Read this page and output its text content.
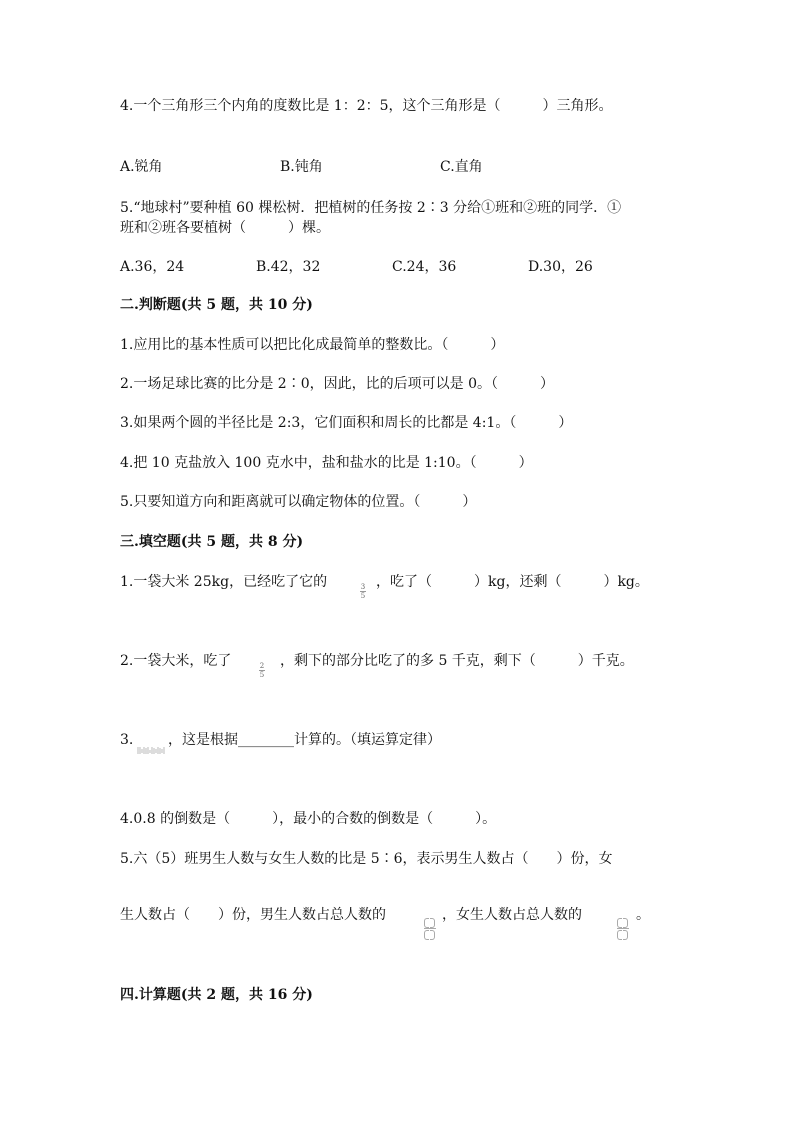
4.一个三角形三个内角的度数比是 1：2：5，这个三角形是（　　　）三角形。
A.锐角	B.钝角	C.直角
5.“地球村”要种植 60 棵松树．把植树的任务按 2∶3 分给①班和②班的同学．①
班和②班各要植树（　　　）棵。
A.36，24	B.42，32	C.24，36	D.30，26
二.判断题(共 5 题，共 10 分)
1.应用比的基本性质可以把比化成最简单的整数比。（　　　）
2.一场足球比赛的比分是 2∶0，因此，比的后项可以是 0。（　　　）
3.如果两个圆的半径比是 2:3，它们面积和周长的比都是 4:1。（　　　）
4.把 10 克盐放入 100 克水中，盐和盐水的比是 1:10。（　　　）
5.只要知道方向和距离就可以确定物体的位置。（　　　）
三.填空题(共 5 题，共 8 分)
1.一袋大米 25kg，已经吃了它的	3
5
，吃了（　　　）kg，还剩（　　　）kg。
2.一袋大米，吃了	2
5
，剩下的部分比吃了的多 5 千克，剩下（　　　）千克。
3. ，这是根据________计算的。（填运算定律）
4.0.8 的倒数是（　　　），最小的合数的倒数是（　　　）。
5.六（5）班男生人数与女生人数的比是 5∶6，表示男生人数占（　　）份，女
生人数占（　　）份，男生人数占总人数的	，女生人数占总人数的	。
四.计算题(共 2 题，共 16 分)
